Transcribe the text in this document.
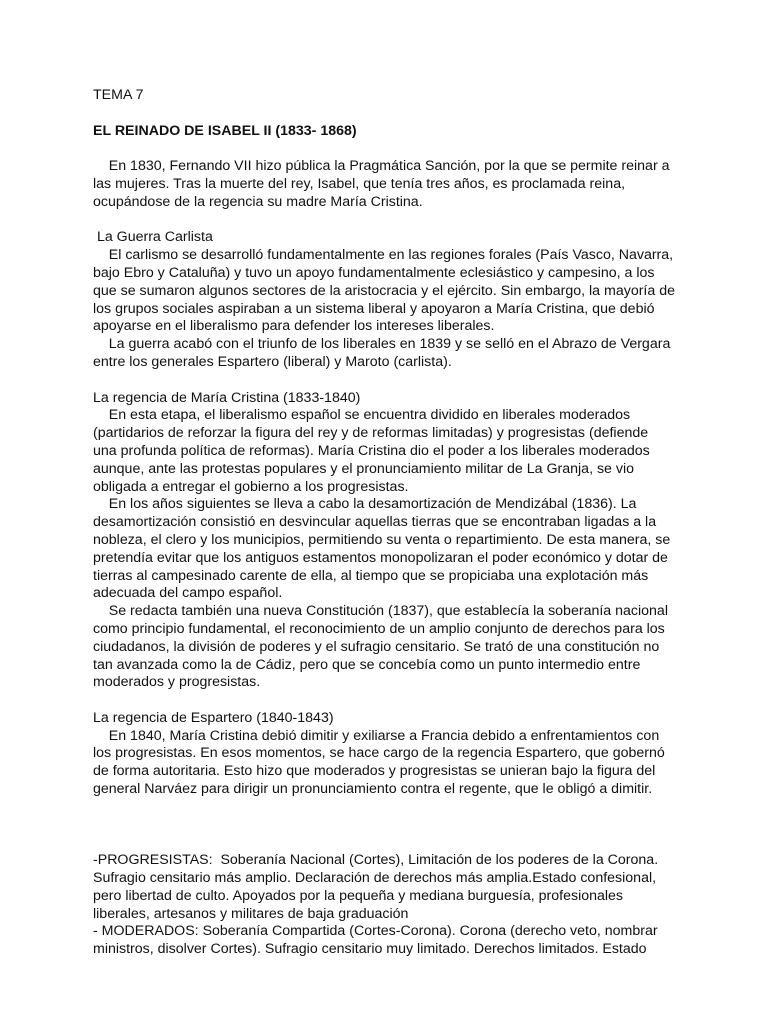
TEMA 7
EL REINADO DE ISABEL II (1833- 1868)
En 1830, Fernando VII hizo pública la Pragmática Sanción, por la que se permite reinar a
las mujeres. Tras la muerte del rey, Isabel, que tenía tres años, es proclamada reina,
ocupándose de la regencia su madre María Cristina.
La Guerra Carlista
El carlismo se desarrolló fundamentalmente en las regiones forales (País Vasco, Navarra,
bajo Ebro y Cataluña) y tuvo un apoyo fundamentalmente eclesiástico y campesino, a los
que se sumaron algunos sectores de la aristocracia y el ejército. Sin embargo, la mayoría de
los grupos sociales aspiraban a un sistema liberal y apoyaron a María Cristina, que debió
apoyarse en el liberalismo para defender los intereses liberales.
La guerra acabó con el triunfo de los liberales en 1839 y se selló en el Abrazo de Vergara
entre los generales Espartero (liberal) y Maroto (carlista).
La regencia de María Cristina (1833-1840)
En esta etapa, el liberalismo español se encuentra dividido en liberales moderados
(partidarios de reforzar la figura del rey y de reformas limitadas) y progresistas (defiende
una profunda política de reformas). María Cristina dio el poder a los liberales moderados
aunque, ante las protestas populares y el pronunciamiento militar de La Granja, se vio
obligada a entregar el gobierno a los progresistas.
En los años siguientes se lleva a cabo la desamortización de Mendizábal (1836). La
desamortización consistió en desvincular aquellas tierras que se encontraban ligadas a la
nobleza, el clero y los municipios, permitiendo su venta o repartimiento. De esta manera, se
pretendía evitar que los antiguos estamentos monopolizaran el poder económico y dotar de
tierras al campesinado carente de ella, al tiempo que se propiciaba una explotación más
adecuada del campo español.
Se redacta también una nueva Constitución (1837), que establecía la soberanía nacional
como principio fundamental, el reconocimiento de un amplio conjunto de derechos para los
ciudadanos, la división de poderes y el sufragio censitario. Se trató de una constitución no
tan avanzada como la de Cádiz, pero que se concebía como un punto intermedio entre
moderados y progresistas.
La regencia de Espartero (1840-1843)
En 1840, María Cristina debió dimitir y exiliarse a Francia debido a enfrentamientos con
los progresistas. En esos momentos, se hace cargo de la regencia Espartero, que gobernó
de forma autoritaria. Esto hizo que moderados y progresistas se unieran bajo la figura del
general Narváez para dirigir un pronunciamiento contra el regente, que le obligó a dimitir.
-PROGRESISTAS:  Soberanía Nacional (Cortes), Limitación de los poderes de la Corona.
Sufragio censitario más amplio. Declaración de derechos más amplia.Estado confesional,
pero libertad de culto. Apoyados por la pequeña y mediana burguesía, profesionales
liberales, artesanos y militares de baja graduación
- MODERADOS: Soberanía Compartida (Cortes-Corona). Corona (derecho veto, nombrar
ministros, disolver Cortes). Sufragio censitario muy limitado. Derechos limitados. Estado
